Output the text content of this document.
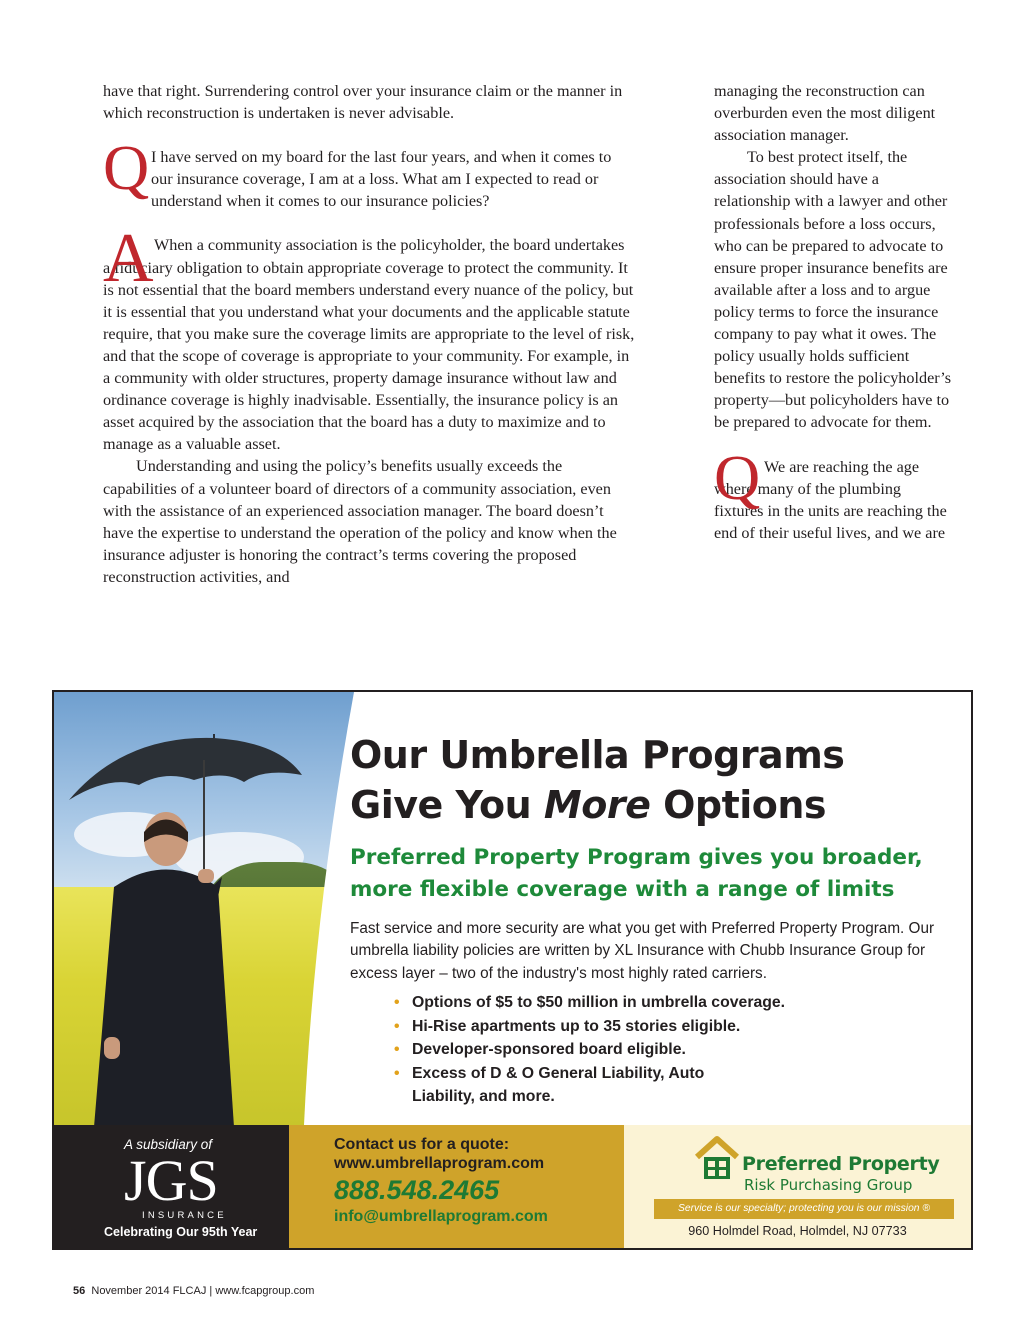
have that right. Surrendering control over your insurance claim or the manner in which reconstruction is undertaken is never advisable.

Q I have served on my board for the last four years, and when it comes to our insurance coverage, I am at a loss. What am I expected to read or understand when it comes to our insurance policies?

A When a community association is the policyholder, the board undertakes a fiduciary obligation to obtain appropriate coverage to protect the community. It is not essential that the board members understand every nuance of the policy, but it is essential that you understand what your documents and the applicable statute require, that you make sure the coverage limits are appropriate to the level of risk, and that the scope of coverage is appropriate to your community. For example, in a community with older structures, property damage insurance without law and ordinance coverage is highly inadvisable. Essentially, the insurance policy is an asset acquired by the association that the board has a duty to maximize and to manage as a valuable asset.

Understanding and using the policy’s benefits usually exceeds the capabilities of a volunteer board of directors of a community association, even with the assistance of an experienced association manager. The board doesn’t have the expertise to understand the operation of the policy and know when the insurance adjuster is honoring the contract’s terms covering the proposed reconstruction activities, and

managing the reconstruction can overburden even the most diligent association manager.

To best protect itself, the association should have a relationship with a lawyer and other professionals before a loss occurs, who can be prepared to advocate to ensure proper insurance benefits are available after a loss and to argue policy terms to force the insurance company to pay what it owes. The policy usually holds sufficient benefits to restore the policyholder’s property—but policyholders have to be prepared to advocate for them.

Q We are reaching the age where many of the plumbing fixtures in the units are reaching the end of their useful lives, and we are

Our Umbrella Programs
Give You More Options
Preferred Property Program gives you broader,
more flexible coverage with a range of limits
Fast service and more security are what you get with Preferred Property Program. Our umbrella liability policies are written by XL Insurance with Chubb Insurance Group for excess layer – two of the industry's most highly rated carriers.
• Options of $5 to $50 million in umbrella coverage.
• Hi-Rise apartments up to 35 stories eligible.
• Developer-sponsored board eligible.
• Excess of D & O General Liability, Auto
Liability, and more.
A subsidiary of
JGS
INSURANCE
Celebrating Our 95th Year
Contact us for a quote:
www.umbrellaprogram.com
888.548.2465
info@umbrellaprogram.com
Preferred Property
Risk Purchasing Group
Service is our specialty; protecting you is our mission ®
960 Holmdel Road, Holmdel, NJ 07733
56 November 2014 FLCAJ | www.fcapgroup.com
